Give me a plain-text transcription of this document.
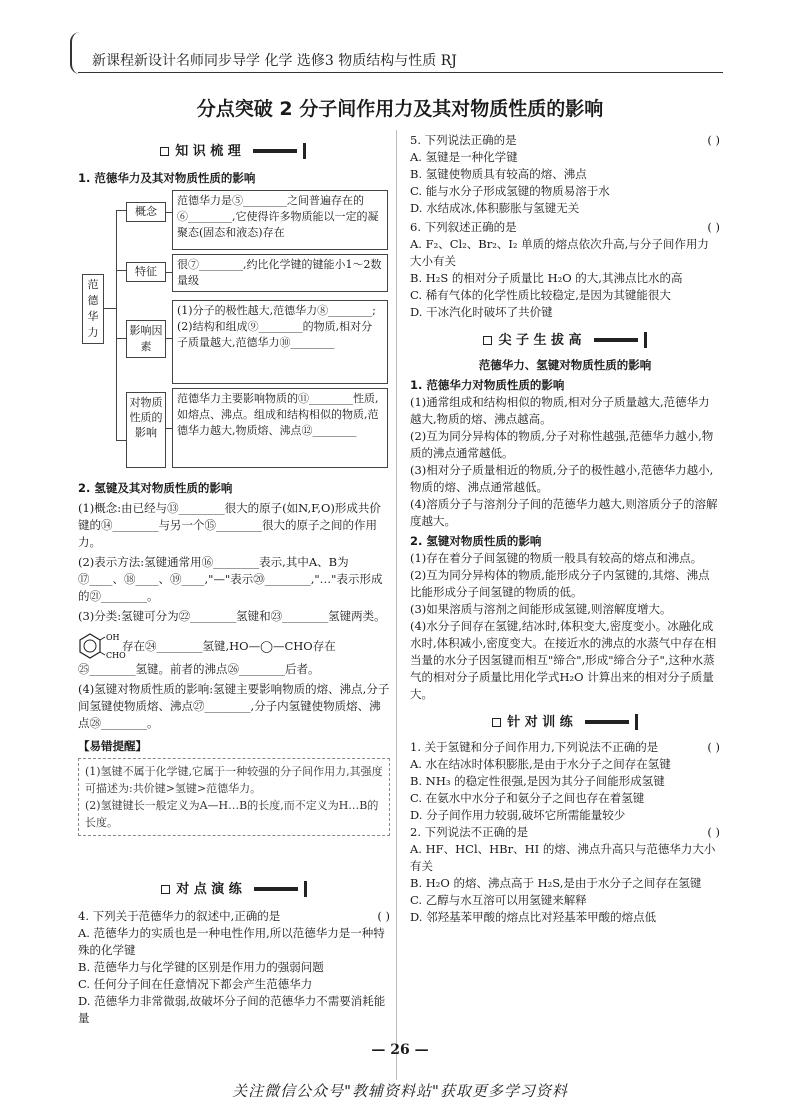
新课程新设计名师同步导学 化学 选修3 物质结构与性质 RJ
分点突破 2 分子间作用力及其对物质性质的影响
知 识 梳 理

1. 范德华力及其对物质性质的影响

范德华力
概念
范德华力是⑤________之间普遍存在的⑥________,它使得许多物质能以一定的凝聚态(固态和液态)存在
特征
很⑦________,约比化学键的键能小1～2数量级
影响因素
(1)分子的极性越大,范德华力⑧________;(2)结构和组成⑨________的物质,相对分子质量越大,范德华力⑩________
对物质性质的影响
范德华力主要影响物质的⑪________性质,如熔点、沸点。组成和结构相似的物质,范德华力越大,物质熔、沸点⑫________

2. 氢键及其对物质性质的影响

(1)概念:由已经与⑬________很大的原子(如N,F,O)形成共价键的⑭________与另一个⑮________很大的原子之间的作用力。

(2)表示方法:氢键通常用⑯________表示,其中A、B为⑰____、⑱____、⑲____,"—"表示⑳________,"…"表示形成的㉑________。

(3)分类:氢键可分为㉒________氢键和㉓________氢键两类。

OH
CHO
存在㉔________氢键,HO—◯—CHO存在

㉕________氢键。前者的沸点㉖________后者。

(4)氢键对物质性质的影响:氢键主要影响物质的熔、沸点,分子间氢键使物质熔、沸点㉗________,分子内氢键使物质熔、沸点㉘________。

【易错提醒】

(1)氢键不属于化学键,它属于一种较强的分子间作用力,其强度可描述为:共价键>氢键>范德华力。

(2)氢键键长一般定义为A—H…B的长度,而不定义为H…B的长度。

对 点 演 练

4. 下列关于范德华力的叙述中,正确的是	( )

A. 范德华力的实质也是一种电性作用,所以范德华力是一种特殊的化学键

B. 范德华力与化学键的区别是作用力的强弱问题

C. 任何分子间在任意情况下都会产生范德华力

D. 范德华力非常微弱,故破坏分子间的范德华力不需要消耗能量

5. 下列说法正确的是	( )

A. 氢键是一种化学键

B. 氢键使物质具有较高的熔、沸点

C. 能与水分子形成氢键的物质易溶于水

D. 水结成冰,体积膨胀与氢键无关

6. 下列叙述正确的是	( )

A. F₂、Cl₂、Br₂、I₂ 单质的熔点依次升高,与分子间作用力大小有关

B. H₂S 的相对分子质量比 H₂O 的大,其沸点比水的高

C. 稀有气体的化学性质比较稳定,是因为其键能很大

D. 干冰汽化时破坏了共价键

尖 子 生 拔 高

范德华力、氢键对物质性质的影响

1. 范德华力对物质性质的影响

(1)通常组成和结构相似的物质,相对分子质量越大,范德华力越大,物质的熔、沸点越高。

(2)互为同分异构体的物质,分子对称性越强,范德华力越小,物质的沸点通常越低。

(3)相对分子质量相近的物质,分子的极性越小,范德华力越小,物质的熔、沸点通常越低。

(4)溶质分子与溶剂分子间的范德华力越大,则溶质分子的溶解度越大。

2. 氢键对物质性质的影响

(1)存在着分子间氢键的物质一般具有较高的熔点和沸点。

(2)互为同分异构体的物质,能形成分子内氢键的,其熔、沸点比能形成分子间氢键的物质的低。

(3)如果溶质与溶剂之间能形成氢键,则溶解度增大。

(4)水分子间存在氢键,结冰时,体积变大,密度变小。冰融化成水时,体积减小,密度变大。在接近水的沸点的水蒸气中存在相当量的水分子因氢键而相互"缔合",形成"缔合分子",这种水蒸气的相对分子质量比用化学式H₂O 计算出来的相对分子质量大。

针 对 训 练

1. 关于氢键和分子间作用力,下列说法不正确的是	( )

A. 水在结冰时体积膨胀,是由于水分子之间存在氢键

B. NH₃ 的稳定性很强,是因为其分子间能形成氢键

C. 在氨水中水分子和氨分子之间也存在着氢键

D. 分子间作用力较弱,破坏它所需能量较少

2. 下列说法不正确的是	( )

A. HF、HCl、HBr、HI 的熔、沸点升高只与范德华力大小有关

B. H₂O 的熔、沸点高于 H₂S,是由于水分子之间存在氢键

C. 乙醇与水互溶可以用氢键来解释

D. 邻羟基苯甲酸的熔点比对羟基苯甲酸的熔点低

— 26 —
关注微信公众号"教辅资料站"获取更多学习资料
